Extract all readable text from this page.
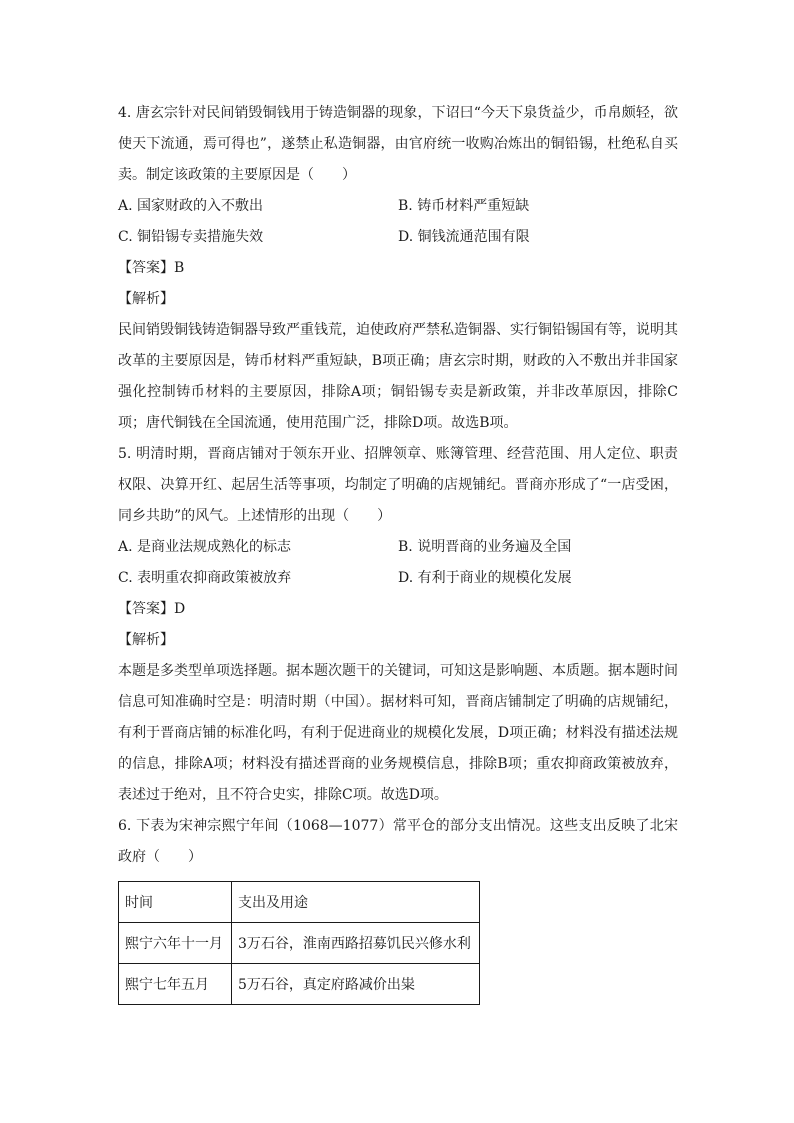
4. 唐玄宗针对民间销毁铜钱用于铸造铜器的现象，下诏曰“今天下泉货益少，币帛颇轻，欲使天下流通，焉可得也”，遂禁止私造铜器，由官府统一收购冶炼出的铜铅锡，杜绝私自买卖。制定该政策的主要原因是（　　）

A. 国家财政的入不敷出	B. 铸币材料严重短缺
C. 铜铅锡专卖措施失效	D. 铜钱流通范围有限
【答案】B
【解析】

民间销毁铜钱铸造铜器导致严重钱荒，迫使政府严禁私造铜器、实行铜铅锡国有等，说明其改革的主要原因是，铸币材料严重短缺，B项正确；唐玄宗时期，财政的入不敷出并非国家强化控制铸币材料的主要原因，排除A项；铜铅锡专卖是新政策，并非改革原因，排除C项；唐代铜钱在全国流通，使用范围广泛，排除D项。故选B项。

5. 明清时期，晋商店铺对于领东开业、招牌领章、账簿管理、经营范围、用人定位、职责权限、决算开红、起居生活等事项，均制定了明确的店规铺纪。晋商亦形成了“一店受困，同乡共助”的风气。上述情形的出现（　　）

A. 是商业法规成熟化的标志	B. 说明晋商的业务遍及全国
C. 表明重农抑商政策被放弃	D. 有利于商业的规模化发展
【答案】D
【解析】

本题是多类型单项选择题。据本题次题干的关键词，可知这是影响题、本质题。据本题时间信息可知准确时空是：明清时期（中国）。据材料可知，晋商店铺制定了明确的店规铺纪，有利于晋商店铺的标准化吗，有利于促进商业的规模化发展，D项正确；材料没有描述法规的信息，排除A项；材料没有描述晋商的业务规模信息，排除B项；重农抑商政策被放弃，表述过于绝对，且不符合史实，排除C项。故选D项。

6. 下表为宋神宗熙宁年间（1068—1077）常平仓的部分支出情况。这些支出反映了北宋政府（　　）

时间	支出及用途
熙宁六年十一月	3万石谷，淮南西路招募饥民兴修水利
熙宁七年五月	5万石谷，真定府路减价出粜
